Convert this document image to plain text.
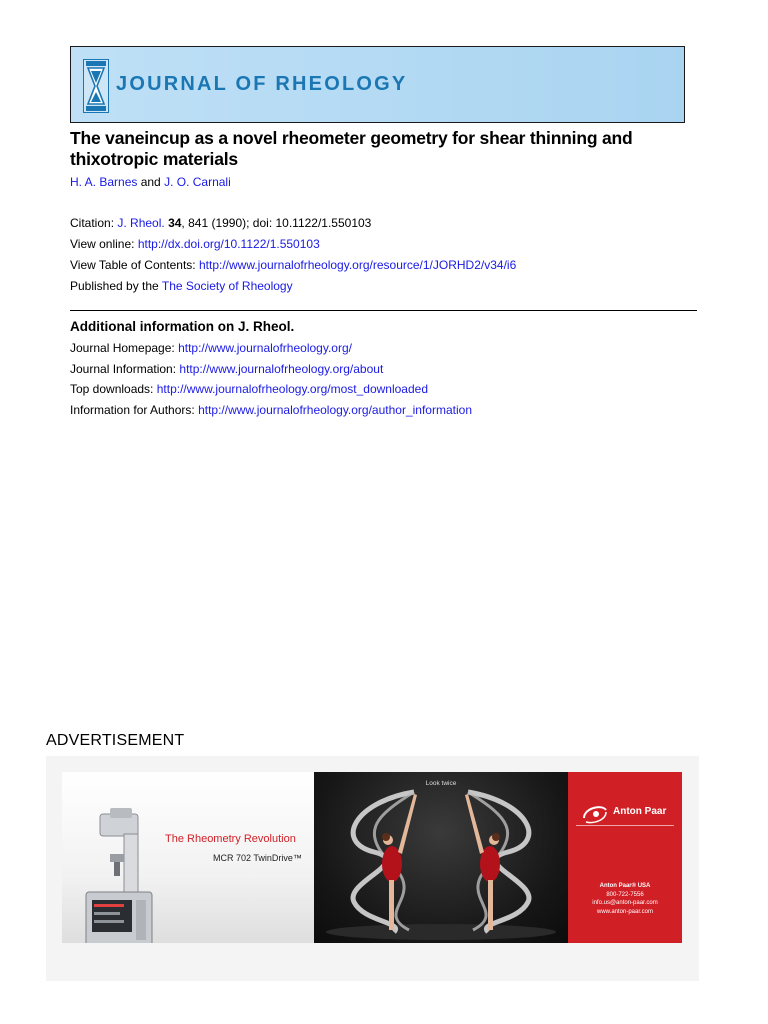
JOURNAL OF RHEOLOGY
The vaneincup as a novel rheometer geometry for shear thinning and thixotropic materials
H. A. Barnes and J. O. Carnali
Citation: J. Rheol. 34, 841 (1990); doi: 10.1122/1.550103
View online: http://dx.doi.org/10.1122/1.550103
View Table of Contents: http://www.journalofrheology.org/resource/1/JORHD2/v34/i6
Published by the The Society of Rheology
Additional information on J. Rheol.
Journal Homepage: http://www.journalofrheology.org/
Journal Information: http://www.journalofrheology.org/about
Top downloads: http://www.journalofrheology.org/most_downloaded
Information for Authors: http://www.journalofrheology.org/author_information
ADVERTISEMENT
The Rheometry Revolution
MCR 702 TwinDrive™
Look twice
Anton Paar
Anton Paar® USA
800-722-7556
info.us@anton-paar.com
www.anton-paar.com
